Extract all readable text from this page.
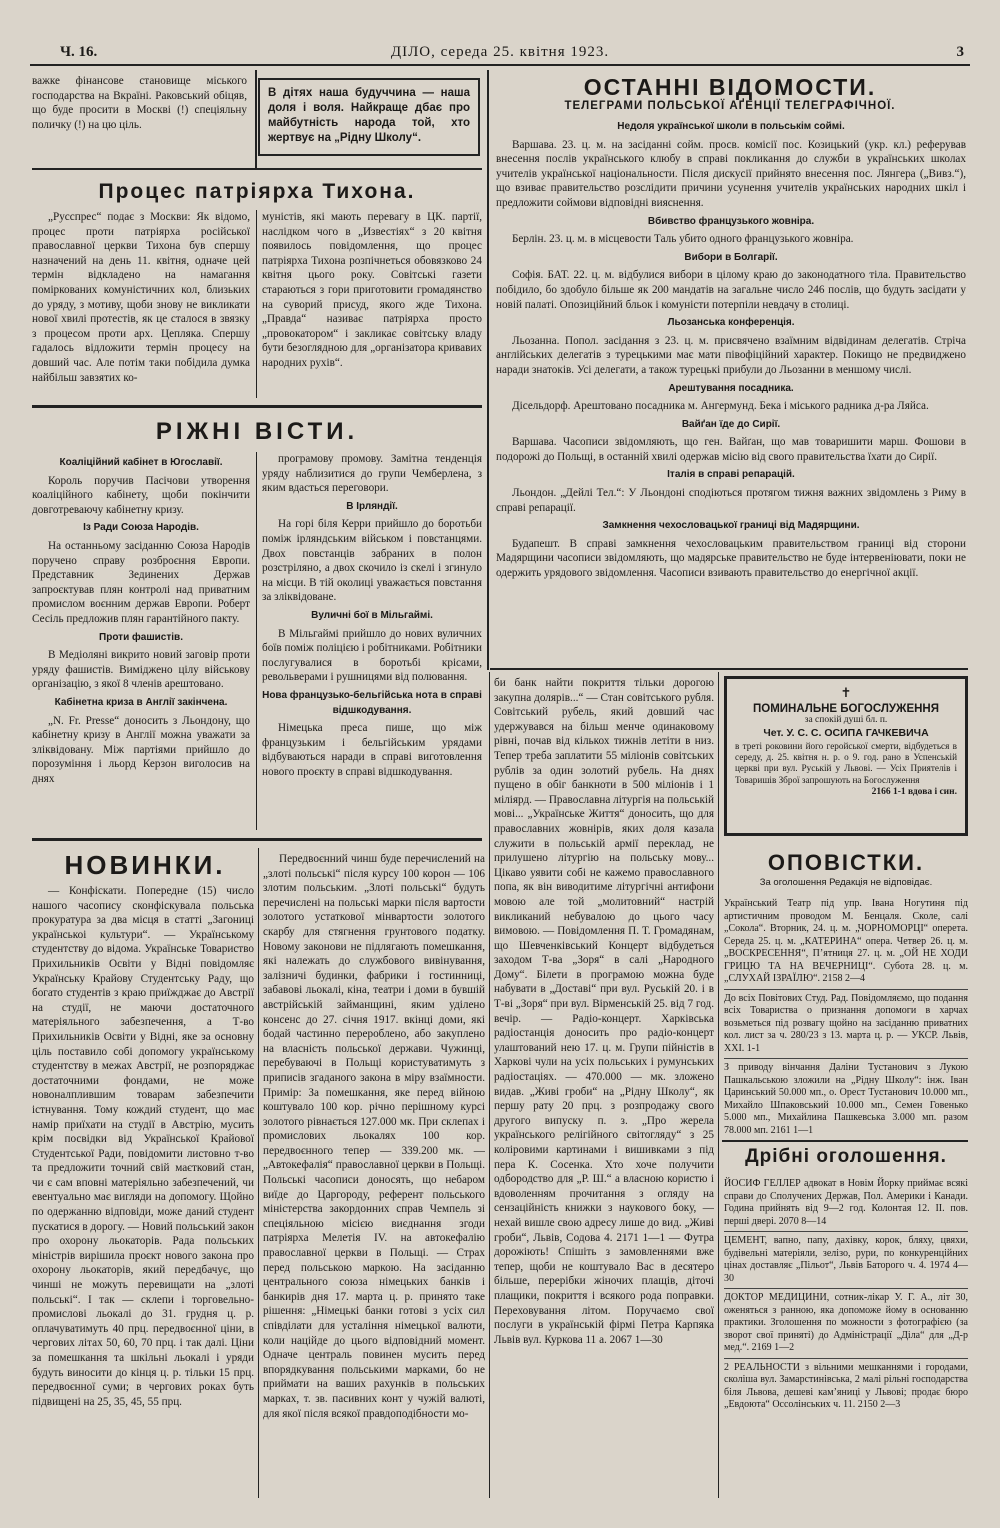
Ч. 16.	ДІЛО, середа 25. квітня 1923.	3

важке фінансове становище міського господарства на Вкраїні. Раковський обіцяв, що буде просити в Москві (!) спеціяльну поличку (!) на цю ціль.

В дітях наша будуччина — наша доля і воля. Найкраще дбає про майбутність народа той, хто жертвує на „Рідну Школу“.
Процес патріярха Тихона.

„Русспрес“ подає з Москви: Як відомо, процес проти патріярха російської православної церкви Тихона був спершу назначений на день 11. квітня, одначе цей термін відкладено на намагання поміркованих комуністичних кол, близьких до уряду, з мотиву, щоби знову не викликати нової хвилі протестів, як це сталося в звязку з процесом проти арх. Цепляка. Спершу гадалось відложити термін процесу на довший час. Але потім таки побідила думка найбільш завзятих ко-

муністів, які мають перевагу в ЦК. партії, наслідком чого в „Известіях“ з 20 квітня появилось повідомлення, що процес патріярха Тихона розпічнеться обовязково 24 квітня цього року. Совітські газети стараються з гори приготовити громадянство на суворий присуд, якого жде Тихона. „Правда“ називає патріярха просто „провокатором“ і закликає совітську владу бути безоглядною для „організатора кривавих народних рухів“.

РІЖНІ ВІСТИ.
Коаліційний кабінет в Югославії.

Король поручив Пасічови утворення коаліційного кабінету, щоби покінчити довготреваючу кабінетну кризу.

Із Ради Союза Народів.

На останньому засіданню Союза Народів поручено справу розброєння Европи. Представник Зединених Держав запроєктував плян контролі над приватним промислом воєнним держав Европи. Роберт Сесіль предложив плян гарантійного пакту.

Проти фашистів.

В Медіоляні викрито новий заговір проти уряду фашистів. Виміджено цілу військову організацію, з якої 8 членів арештовано.

Кабінетна криза в Англії закінчена.

„N. Fr. Presse“ доносить з Льондону, що кабінетну кризу в Англії можна уважати за зліквідовану. Між партіями прийшло до порозуміння і льорд Керзон виголосив на днях

програмову промову. Замітна тенденція уряду наблизитися до групи Чемберлена, з яким вдасться переговори.

В Ірляндії.

На горі біля Керри прийшло до боротьби поміж ірляндським військом і повстанцями. Двох повстанців забраних в полон розстріляно, а двох скочило із скелі і згинуло на місци. В тій околиці уважається повстання за зліквідоване.

Вуличні бої в Мільгаймі.

В Мільгаймі прийшло до нових вуличних боїв поміж поліцією і робітниками. Робітники послугувалися в боротьбі крісами, револьверами і рушницями від полювання.

Нова французько-бельгійська нота в справі відшкодування.

Німецька преса пише, що між французьким і бельгійським урядами відбуваються наради в справі виготовлення нового проєкту в справі відшкодування.

ОСТАННІ ВІДОМОСТИ.
ТЕЛЕГРАМИ ПОЛЬСЬКОЇ АҐЕНЦІЇ ТЕЛЕГРАФІЧНОЇ.
Недоля української школи в польськім соймі.

Варшава. 23. ц. м. на засіданні сойм. просв. комісії пос. Козицький (укр. кл.) реферував внесення послів українського клюбу в справі покликання до служби в українських школах учителів української національности. Після дискусії прийнято внесення пос. Лянгера („Вивз.“), що взиває правительство розслідити причини усунення учителів українських народних шкіл і предложити соймови відповідні вияснення.

Вбивство французького жовніра.

Берлін. 23. ц. м. в місцевости Таль убито одного французького жовніра.

Вибори в Болгарії.

Софія. БАТ. 22. ц. м. відбулися вибори в цілому краю до законодатного тіла. Правительство побідило, бо здобуло більше як 200 мандатів на загальне число 246 послів, що будуть засідати у новій палаті. Опозиційний бльок і комуністи потерпіли невдачу в столиці.

Льозанська конференція.

Льозанна. Попол. засідання з 23. ц. м. присвячено взаїмним відвідинам делегатів. Стріча англійських делегатів з турецькими має мати півофіційний характер. Покищо не предвиджено наради знатоків. Усі делегати, а також турецькі прибули до Льозанни в меншому числі.

Арештування посадника.

Дісельдорф. Арештовано посадника м. Ангермунд. Бека і міського радника д-ра Ляйса.

Вайґан їде до Сирії.

Варшава. Часописи звідомляють, що ген. Вайґан, що мав товаришити марш. Фошови в подорожі до Польщі, в останній хвилі одержав місію від свого правительства їхати до Сирії.

Італія в справі репарацій.

Льондон. „Дейлі Тел.“: У Льондоні сподіються протягом тижня важних звідомлень з Риму в справі репарації.

Замкнення чехословацької границі від Мадярщини.

Будапешт. В справі замкнення чехословацьким правительством границі від сторони Мадярщини часописи звідомляють, що мадярське правительство не буде інтервеніювати, поки не одержить урядового звідомлення. Часописи взивають правительство до енергічної акції.

НОВИНКИ.

— Конфіскати. Попередне (15) число нашого часопису сконфіскувала польська прокуратура за два місця в статті „Загониці українськоі культури“. — Українському студентству до відома. Українське Товариство Прихильників Освіти у Відні повідомляє Українську Крайову Студентську Раду, що богато студентів з краю приїжджає до Австрії на студії, не маючи достаточного матеріяльного забезпечення, а Т-во Прихильників Освіти у Відні, яке за основну ціль поставило собі допомогу українському студентству в межах Австрії, не розпоряджає достаточними фондами, не може новоналплившим товарам забезпечити істнування. Тому кождий студент, що має намір приїхати на студії в Австрію, мусить крім посвідки від Української Крайової Студентської Ради, повідомити листовно т-во та предложити точний свій маєтковий стан, чи є сам вповні матеріяльно забезпечений, чи евентуально має вигляди на допомогу. Щойно по одержанню відповіди, може даний студент пускатися в дорогу. — Новий польський закон про охорону льокаторів. Рада польських міністрів вирішила проєкт нового закона про охорону льокаторів, який передбачує, що чинші не можуть перевищати на „злоті польські“. І так — склепи і торговельно-промислові льокалі до 31. грудня ц. р. оплачуватимуть 40 прц. передвоєнної ціни, в чергових літах 50, 60, 70 прц. і так далі. Ціни за помешкання та шкільні льокалі і уряди будуть виносити до кінця ц. р. тільки 15 прц. передвоєнної суми; в чергових роках буть підвищені на 25, 35, 45, 55 прц.

Передвоєнний чинш буде перечислений на „злоті польські“ після курсу 100 корон — 106 злотим польським. „Злоті польські“ будуть перечислені на польські марки після вартости золотого устаткової мінвартости золотого скарбу для стягнення грунтового податку. Новому законови не підлягають помешкання, які належать до службового вивінування, залізничі будинки, фабрики і гостинниці, забавові льокалі, кіна, театри і доми в бувшій австрійській займанщині, яким уділено консенс до 27. січня 1917. вкінці доми, які бодай частинно перероблено, або закуплено на власність польської держави. Чужинці, перебуваючі в Польщі користуватимуть з приписів згаданого закона в міру взаїмности. Примір: За помешкання, яке перед війною коштувало 100 кор. річно перішному курсі золотого рівнається 127.000 мк. При склепах і промислових льокалях 100 кор. передвоєнного тепер — 339.200 мк. — „Автокефалія“ православної церкви в Польщі. Польські часописи доносять, що небаром виїде до Царгороду, референт польського міністерства закордонних справ Чемпель зі спеціяльною місією виєднання згоди патріярха Мелетія IV. на автокефалію православної церкви в Польщі. — Страх перед польською маркою. На засіданню центрального союза німецьких банків і банкирів дня 17. марта ц. р. принято таке рішення: „Німецькі банки готові з усіх сил співділати для устаління німецької валюти, коли наційде до цього відповідний момент. Одначе централь повинен мусить перед впорядкування польськими марками, бо не приймати на ваших рахунків в польських марках, т. зв. пасивних конт у чужій валюті, для якої після всякої правдоподібности мо-

би банк найти покриття тільки дорогою закупна долярів...“ — Стан совітського рубля. Совітський рубель, який довший час удержувався на більш менче одинаковому рівні, почав від кількох тижнів летіти в низ. Тепер треба заплатити 55 міліонів совітських рублів за один золотий рубель. На днях пущено в обіг банкноти в 500 міліонів і 1 міліярд. — Православна літургія на польській мові... „Українське Життя“ доносить, що для православних жовнірів, яких доля казала служити в польській армії переклад, не прилушено літургію на польську мову... Цікаво уявити собі не кажемо православного попа, як він виводитиме літургічні антифони мовою але той „молитовний“ настрій викликаний небувалою до цього часу вимовою. — Повідомлення П. Т. Громадянам, що Шевченківський Концерт відбудеться заходом Т-ва „Зоря“ в салі „Народного Дому“. Білети в програмою можна буде набувати в „Доставі“ при вул. Руській 20. і в Т-ві „Зоря“ при вул. Вірменській 25. від 7 год. вечір. — Радіо-концерт. Харківська радіостанція доносить про радіо-концерт улаштований нею 17. ц. м. Групи пійністів в Харкові чули на усіх польських і румунських радіостаціях. — 470.000 — мк. зложено видав. „Живі гроби“ на „Рідну Школу“, як першу рату 20 прц. з розпродажу свого другого випуску п. з. „Про жерела українського релігійного світогляду“ з 25 коліровими картинами і вишивками з під пера К. Сосенка. Хто хоче получити одбородство для „Р. Ш.“ а власною користю і вдоволенням прочитання з огляду на сензаційність книжки з наукового боку, — нехай вишле свою адресу лише до вид. „Живі гроби“, Львів, Содова 4. 2171 1—1 — Футра дорожіють! Спішіть з замовленнями вже тепер, щоби не коштувало Вас в десятеро більше, перерібки жіночих плащів, діточі плащики, покриття і всякого рода поправки. Переховування літом. Поручаємо свої послуги в українській фірмі Петра Карпяка Львів вул. Куркова 11 а. 2067 1—30

✝
ПОМИНАЛЬНЕ БОГОСЛУЖЕННЯ
за спокій душі бл. п.
Чет. У. С. С. ОСИПА ГАЧКЕВИЧА
в треті роковини його геройської смерти, відбудеться в середу, д. 25. квітня н. р. о 9. год. рано в Успенській церкві при вул. Руській у Львові. — Усіх Приятелів і Товаришів Зброї запрошують на Богослуження
2166 1-1 вдова і син.
ОПОВІСТКИ.
За оголошення Редакція не відповідає.
Український Театр під упр. Івана Ногутиня під артистичним проводом М. Бенцаля. Сколе, салі „Сокола“. Вторник, 24. ц. м. „ЧОРНОМОРЦІ“ оперета. Середа 25. ц. м. „КАТЕРИНА“ опера. Четвер 26. ц. м. „ВОСКРЕСЕННЯ“, П’ятниця 27. ц. м. „ОЙ НЕ ХОДИ ГРИЦЮ ТА НА ВЕЧЕРНИЦІ“. Субота 28. ц. м. „СЛУХАЙ ІЗРАЇЛЮ“. 2158 2—4
До всіх Повітових Студ. Рад. Повідомляємо, що подання всіх Товариства о признання допомоги в харчах возьметься під розвагу щойно на засіданню приватних кол. лист за ч. 280/23 з 13. марта ц. р. — УКСР. Львів, XXI. 1-1
З приводу вінчання Даліни Тустанович з Лукою Пашкальською зложили на „Рідну Школу“: інж. Іван Царинський 50.000 мп., о. Орест Тустанович 10.000 мп., Михайло Шпаковський 10.000 мп., Семен Говенько 5.000 мп., Михайлина Пашкевська 3.000 мп. разом 78.000 мп. 2161 1—1
Дрібні оголошення.
ЙОСИФ ГЕЛЛЕР адвокат в Новім Йорку приймає всякі справи до Сполучених Держав, Пол. Америки і Канади. Година прийнять від 9—2 год. Колонтая 12. II. пов. перші двері. 2070 8—14
ЦЕМЕНТ, вапно, папу, дахівку, корок, бляху, цвяхи, будівельні матеріяли, зелізо, рури, по конкуренційних цінах доставляє „Пільот“, Львів Баторого ч. 4. 1974 4—30
ДОКТОР МЕДИЦИНИ, сотник-лікар У. Г. А., літ 30, оженяться з ранною, яка допоможе йому в основанню практики. Зголошення по можности з фотографією (за зворот свої приняті) до Адміністрації „Діла“ для „Д-р мед.“. 2169 1—2
2 РЕАЛЬНОСТИ з вільними мешканнями і городами, сколіша вул. Замарстинівська, 2 малі рільні господарства біля Львова, дешеві кам’яниці у Львові; продає бюро „Евдоюта“ Оссолінських ч. 11. 2150 2—3
